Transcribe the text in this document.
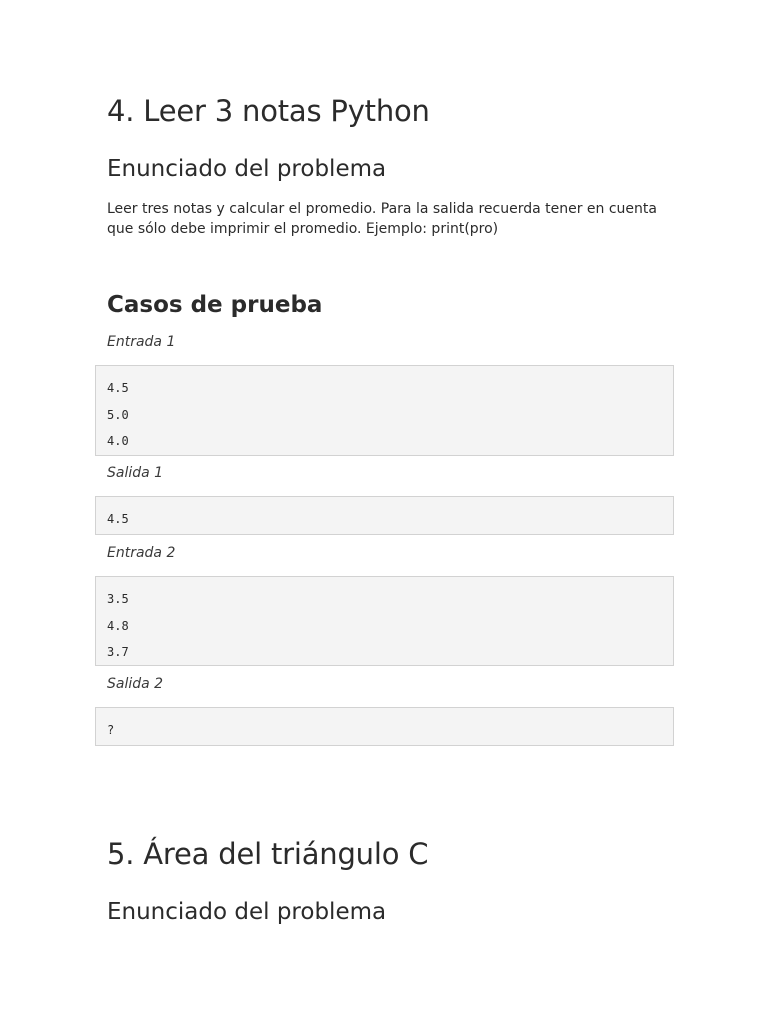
4. Leer 3 notas Python
Enunciado del problema

Leer tres notas y calcular el promedio. Para la salida recuerda tener en cuenta que sólo debe imprimir el promedio. Ejemplo: print(pro)

Casos de prueba
Entrada 1
4.5
5.0
4.0
Salida 1
4.5
Entrada 2
3.5
4.8
3.7
Salida 2
?
5. Área del triángulo C
Enunciado del problema
